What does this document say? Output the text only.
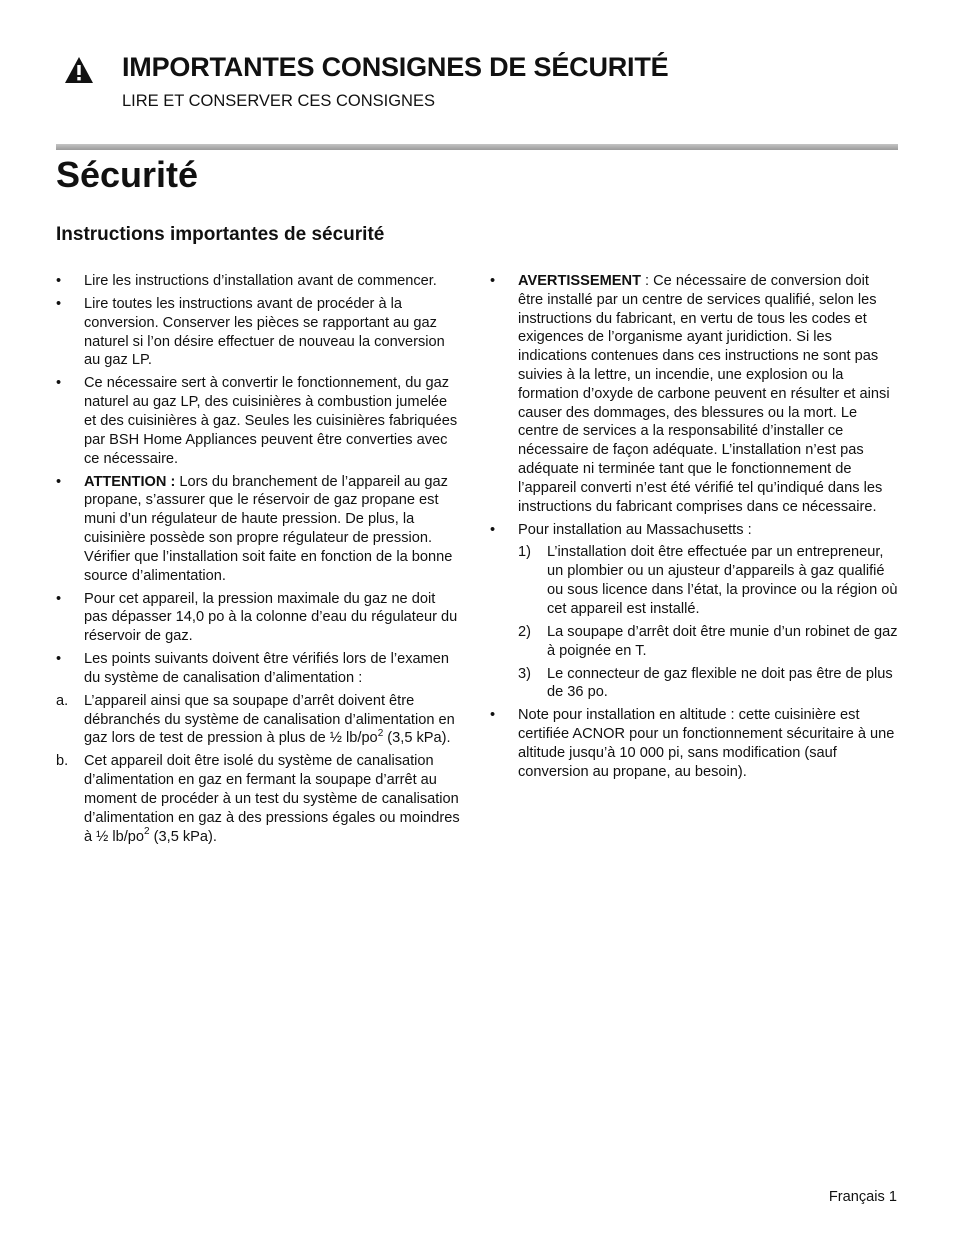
IMPORTANTES CONSIGNES DE SÉCURITÉ
LIRE ET CONSERVER CES CONSIGNES
Sécurité
Instructions importantes de sécurité
• Lire les instructions d’installation avant de commencer.
• Lire toutes les instructions avant de procéder à la conversion. Conserver les pièces se rapportant au gaz naturel si l’on désire effectuer de nouveau la conversion au gaz LP.
• Ce nécessaire sert à convertir le fonctionnement, du gaz naturel au gaz LP, des cuisinières à combustion jumelée et des cuisinières à gaz. Seules les cuisinières fabriquées par BSH Home Appliances peuvent être converties avec ce nécessaire.
• ATTENTION : Lors du branchement de l’appareil au gaz propane, s’assurer que le réservoir de gaz propane est muni d’un régulateur de haute pression. De plus, la cuisinière possède son propre régulateur de pression. Vérifier que l’installation soit faite en fonction de la bonne source d’alimentation.
• Pour cet appareil, la pression maximale du gaz ne doit pas dépasser 14,0 po à la colonne d’eau du régulateur du réservoir de gaz.
• Les points suivants doivent être vérifiés lors de l’examen du système de canalisation d’alimentation :
a. L’appareil ainsi que sa soupape d’arrêt doivent être débranchés du système de canalisation d’alimentation en gaz lors de test de pression à plus de ½ $lb/po^2$ (3,5 kPa).
b. Cet appareil doit être isolé du système de canalisation d’alimentation en gaz en fermant la soupape d’arrêt au moment de procéder à un test du système de canalisation d’alimentation en gaz à des pressions égales ou moindres à ½ $lb/po^2$ (3,5 kPa).
• AVERTISSEMENT : Ce nécessaire de conversion doit être installé par un centre de services qualifié, selon les instructions du fabricant, en vertu de tous les codes et exigences de l’organisme ayant juridiction. Si les indications contenues dans ces instructions ne sont pas suivies à la lettre, un incendie, une explosion ou la formation d’oxyde de carbone peuvent en résulter et ainsi causer des dommages, des blessures ou la mort. Le centre de services a la responsabilité d’installer ce nécessaire de façon adéquate. L’installation n’est pas adéquate ni terminée tant que le fonctionnement de l’appareil converti n’est été vérifié tel qu’indiqué dans les instructions du fabricant comprises dans ce nécessaire.
• Pour installation au Massachusetts :
1) L’installation doit être effectuée par un entrepreneur, un plombier ou un ajusteur d’appareils à gaz qualifié ou sous licence dans l’état, la province ou la région où cet appareil est installé.
2) La soupape d’arrêt doit être munie d’un robinet de gaz à poignée en T.
3) Le connecteur de gaz flexible ne doit pas être de plus de 36 po.
• Note pour installation en altitude : cette cuisinière est certifiée ACNOR pour un fonctionnement sécuritaire à une altitude jusqu’à 10 000 pi, sans modification (sauf conversion au propane, au besoin).
Français 1
